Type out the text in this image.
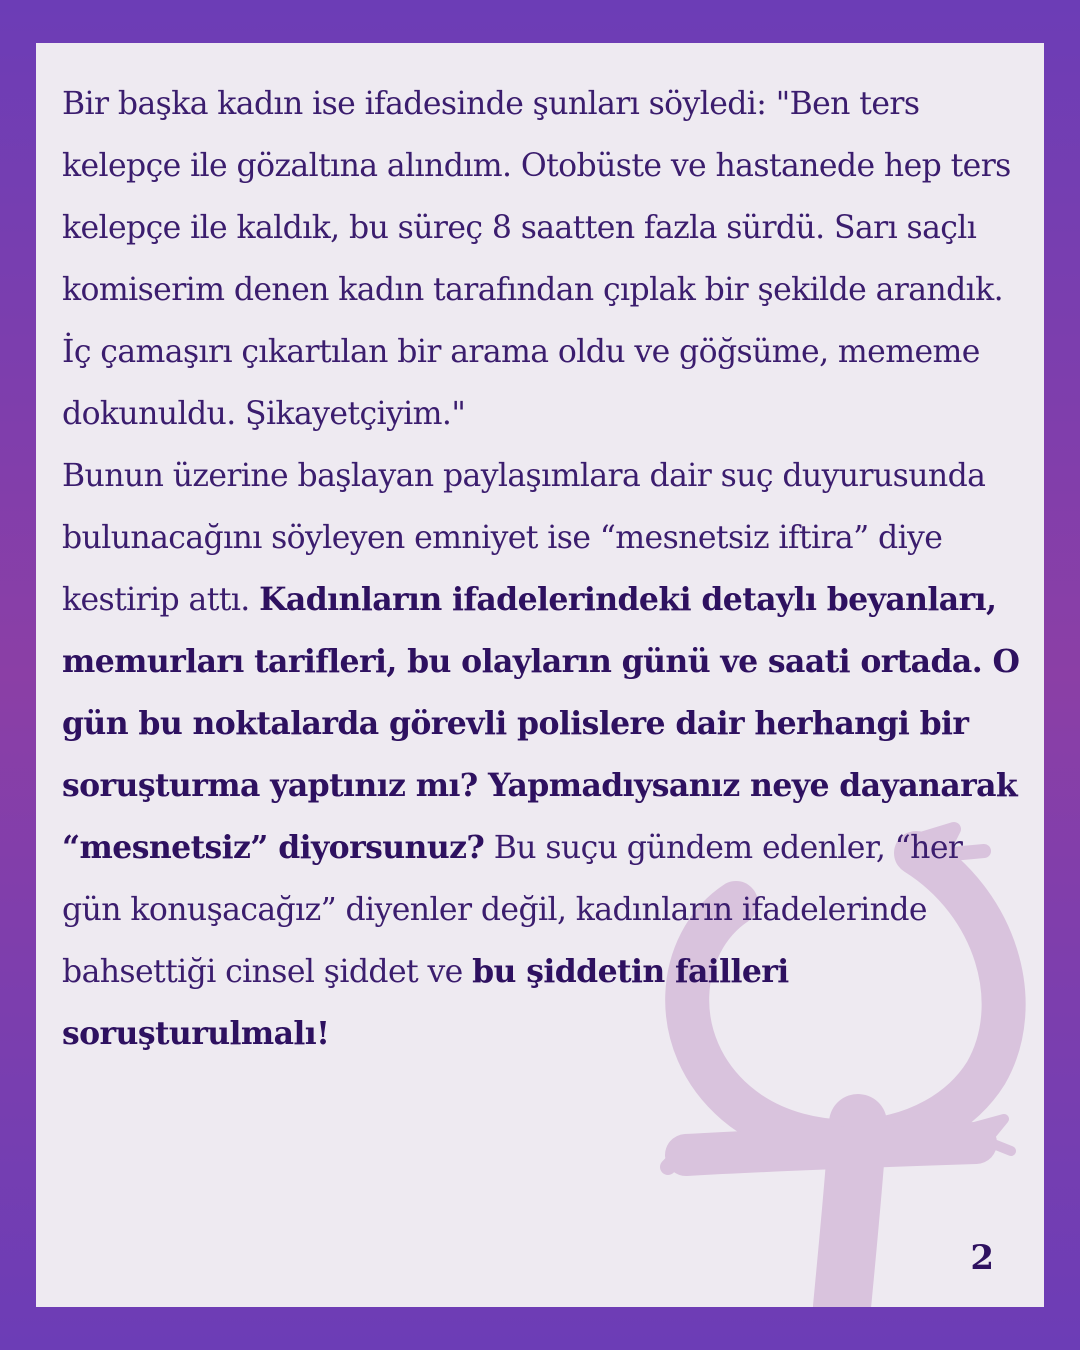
Bir başka kadın ise ifadesinde şunları söyledi: "Ben ters kelepçe ile gözaltına alındım. Otobüste ve hastanede hep ters kelepçe ile kaldık, bu süreç 8 saatten fazla sürdü. Sarı saçlı komiserim denen kadın tarafından çıplak bir şekilde arandık. İç çamaşırı çıkartılan bir arama oldu ve göğsüme, mememe dokunuldu. Şikayetçiyim."

Bunun üzerine başlayan paylaşımlara dair suç duyurusunda bulunacağını söyleyen emniyet ise “mesnetsiz iftira” diye kestirip attı. Kadınların ifadelerindeki detaylı beyanları, memurları tarifleri, bu olayların günü ve saati ortada. O gün bu noktalarda görevli polislere dair herhangi bir soruşturma yaptınız mı? Yapmadıysanız neye dayanarak “mesnetsiz” diyorsunuz? Bu suçu gündem edenler, “her gün konuşacağız” diyenler değil, kadınların ifadelerinde bahsettiği cinsel şiddet ve bu şiddetin failleri soruşturulmalı!

2
